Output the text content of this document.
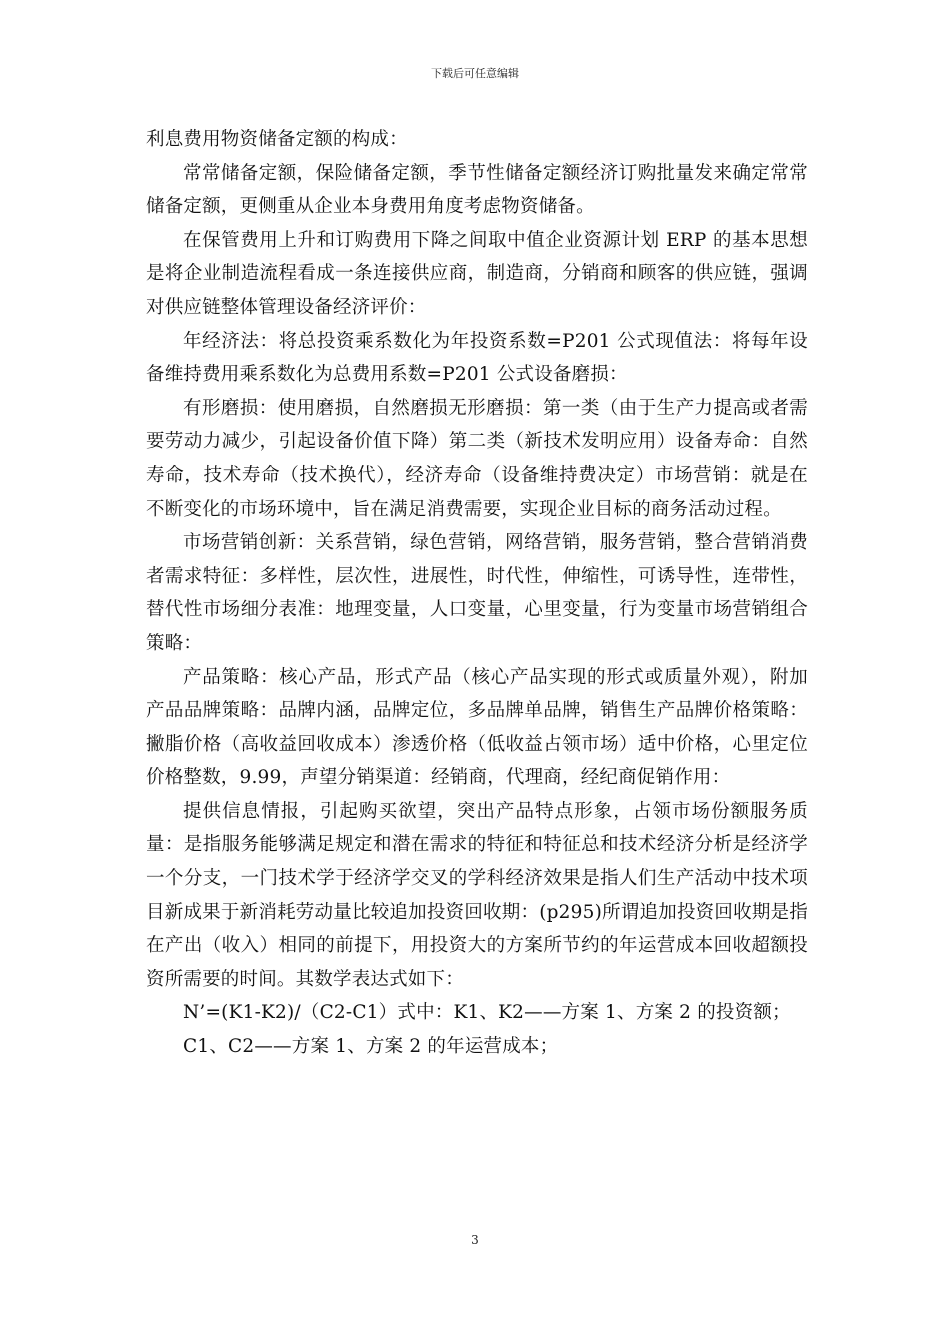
下载后可任意编辑

利息费用物资储备定额的构成：

常常储备定额，保险储备定额，季节性储备定额经济订购批量发来确定常常储备定额，更侧重从企业本身费用角度考虑物资储备。

在保管费用上升和订购费用下降之间取中值企业资源计划 ERP 的基本思想是将企业制造流程看成一条连接供应商，制造商，分销商和顾客的供应链，强调对供应链整体管理设备经济评价：

年经济法：将总投资乘系数化为年投资系数=P201 公式现值法：将每年设备维持费用乘系数化为总费用系数=P201 公式设备磨损：

有形磨损：使用磨损，自然磨损无形磨损：第一类（由于生产力提高或者需要劳动力减少，引起设备价值下降）第二类（新技术发明应用）设备寿命：自然寿命，技术寿命（技术换代），经济寿命（设备维持费决定）市场营销：就是在不断变化的市场环境中，旨在满足消费需要，实现企业目标的商务活动过程。

市场营销创新：关系营销，绿色营销，网络营销，服务营销，整合营销消费者需求特征：多样性，层次性，进展性，时代性，伸缩性，可诱导性，连带性，替代性市场细分表准：地理变量，人口变量，心里变量，行为变量市场营销组合策略：

产品策略：核心产品，形式产品（核心产品实现的形式或质量外观），附加产品品牌策略：品牌内涵，品牌定位，多品牌单品牌，销售生产品牌价格策略：撇脂价格（高收益回收成本）渗透价格（低收益占领市场）适中价格，心里定位价格整数，9.99，声望分销渠道：经销商，代理商，经纪商促销作用：

提供信息情报，引起购买欲望，突出产品特点形象，占领市场份额服务质量：是指服务能够满足规定和潜在需求的特征和特征总和技术经济分析是经济学一个分支，一门技术学于经济学交叉的学科经济效果是指人们生产活动中技术项目新成果于新消耗劳动量比较追加投资回收期：(p295)所谓追加投资回收期是指在产出（收入）相同的前提下，用投资大的方案所节约的年运营成本回收超额投资所需要的时间。其数学表达式如下：

N’=(K1-K2)/（C2-C1）式中：K1、K2——方案 1、方案 2 的投资额；

C1、C2——方案 1、方案 2 的年运营成本；

3
